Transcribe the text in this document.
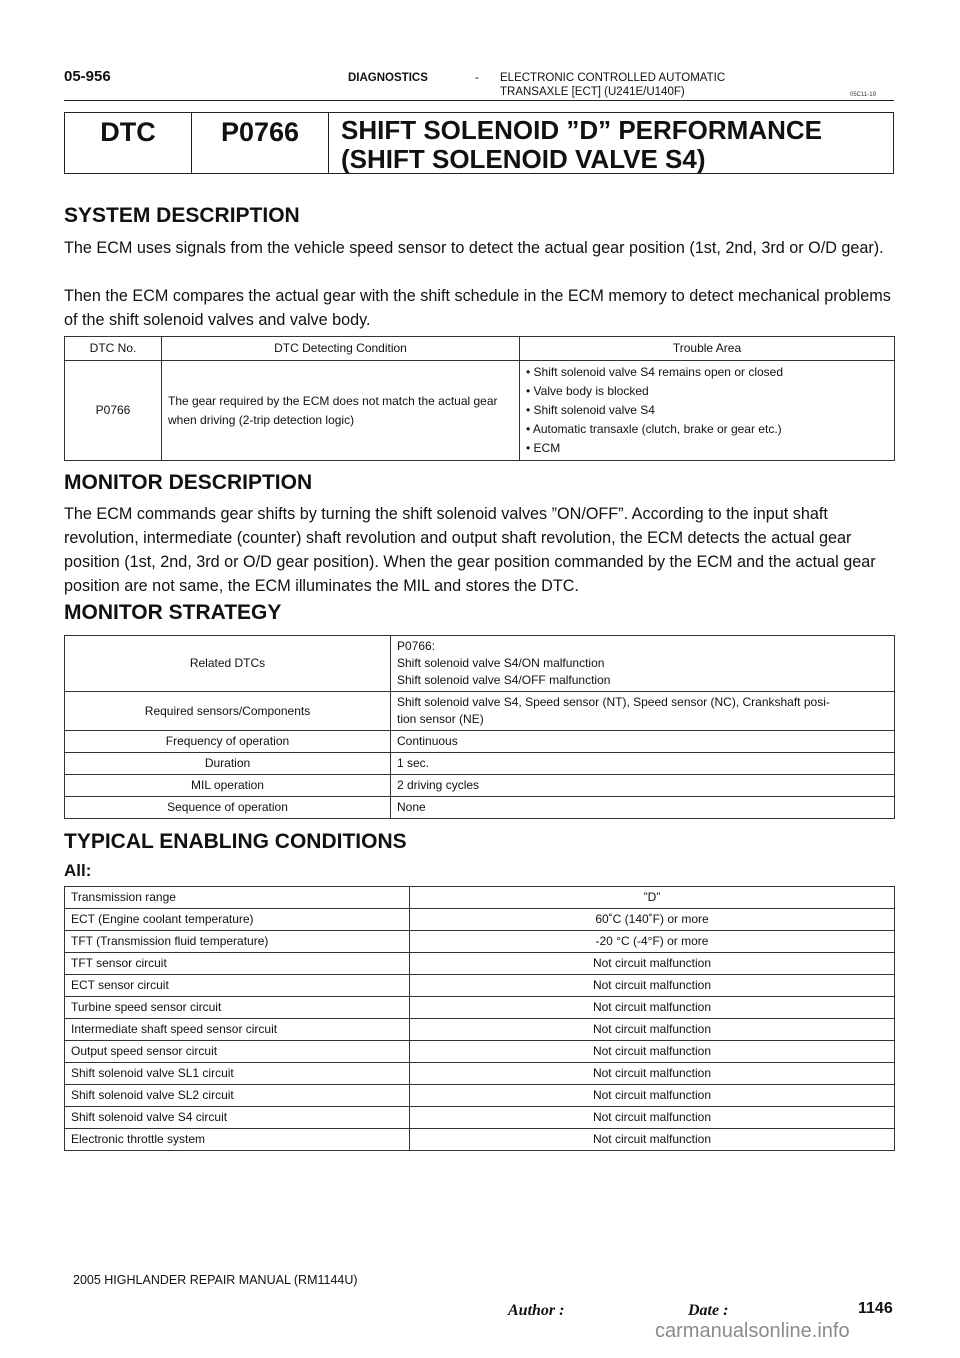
05-956	DIAGNOSTICS	- ELECTRONIC CONTROLLED AUTOMATIC
TRANSAXLE [ECT] (U241E/U140F)	05C11-19
DTC	P0766	SHIFT SOLENOID ”D” PERFORMANCE
(SHIFT SOLENOID VALVE S4)
SYSTEM DESCRIPTION
The ECM uses signals from the vehicle speed sensor to detect the actual gear position (1st, 2nd, 3rd or O/D gear).
Then the ECM compares the actual gear with the shift schedule in the ECM memory to detect mechanical problems of the shift solenoid valves and valve body.
DTC No.	DTC Detecting Condition	Trouble Area
P0766	The gear required by the ECM does not match the actual gear when driving (2-trip detection logic)	• Shift solenoid valve S4 remains open or closed
• Valve body is blocked
• Shift solenoid valve S4
• Automatic transaxle (clutch, brake or gear etc.)
• ECM
MONITOR DESCRIPTION
The ECM commands gear shifts by turning the shift solenoid valves ”ON/OFF”. According to the input shaft revolution, intermediate (counter) shaft revolution and output shaft revolution, the ECM detects the actual gear position (1st, 2nd, 3rd or O/D gear position). When the gear position commanded by the ECM and the actual gear position are not same, the ECM illuminates the MIL and stores the DTC.
MONITOR STRATEGY
Related DTCs	P0766:
Shift solenoid valve S4/ON malfunction
Shift solenoid valve S4/OFF malfunction

Required sensors/Components	Shift solenoid valve S4, Speed sensor (NT), Speed sensor (NC), Crankshaft posi-
tion sensor (NE)

Frequency of operation	Continuous
Duration	1 sec.
MIL operation	2 driving cycles
Sequence of operation	None
TYPICAL ENABLING CONDITIONS
All:
Transmission range	”D”
ECT (Engine coolant temperature)	60˚C (140˚F) or more
TFT (Transmission fluid temperature)	-20 °C (-4°F) or more
TFT sensor circuit	Not circuit malfunction
ECT sensor circuit	Not circuit malfunction
Turbine speed sensor circuit	Not circuit malfunction
Intermediate shaft speed sensor circuit	Not circuit malfunction
Output speed sensor circuit	Not circuit malfunction
Shift solenoid valve SL1 circuit	Not circuit malfunction
Shift solenoid valve SL2 circuit	Not circuit malfunction
Shift solenoid valve S4 circuit	Not circuit malfunction
Electronic throttle system	Not circuit malfunction
2005 HIGHLANDER REPAIR MANUAL (RM1144U)
Author :	Date :	1146
carmanualsonline.info
